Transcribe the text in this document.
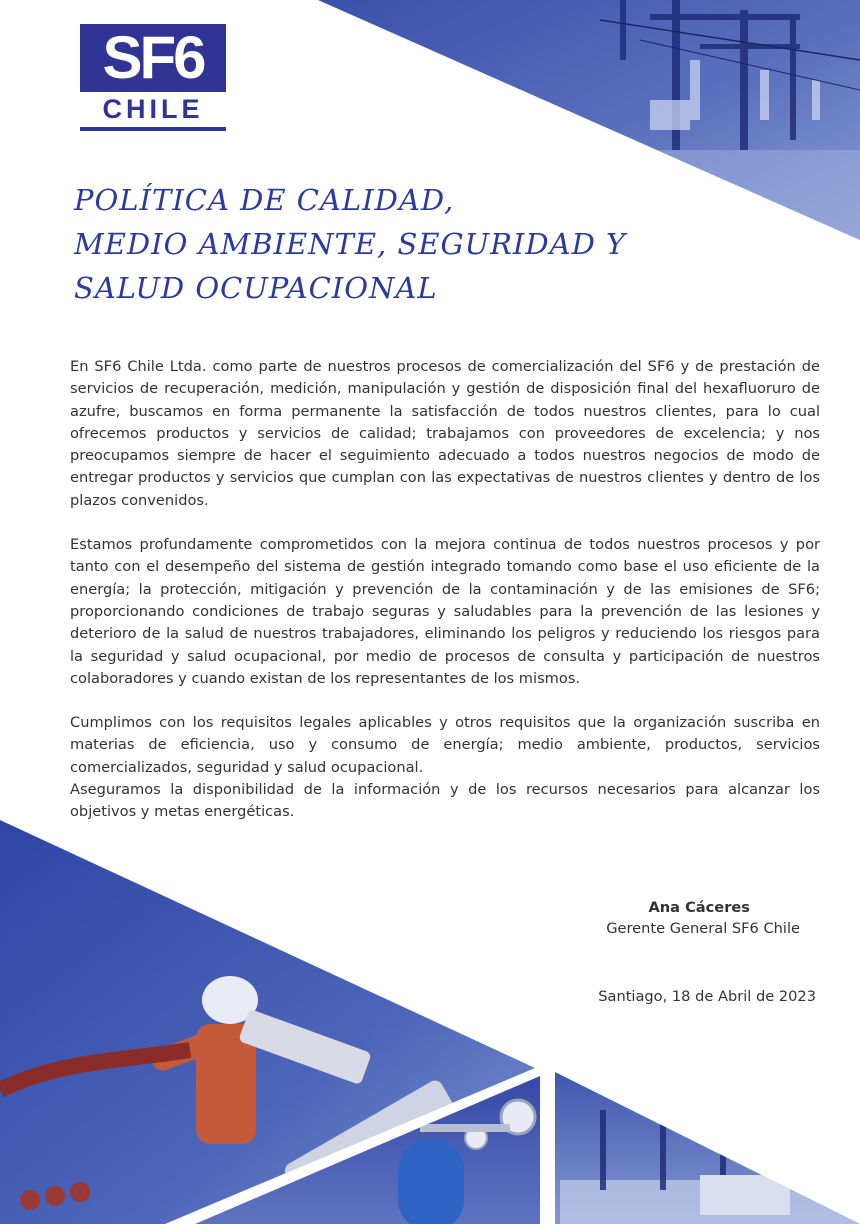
SF6
CHILE
POLÍTICA DE CALIDAD,
MEDIO AMBIENTE, SEGURIDAD Y
SALUD OCUPACIONAL

En SF6 Chile Ltda. como parte de nuestros procesos de comercialización del SF6 y de prestación de servicios de recuperación, medición, manipulación y gestión de disposición final del hexafluoruro de azufre, buscamos en forma permanente la satisfacción de todos nuestros clientes, para lo cual ofrecemos productos y servicios de calidad; trabajamos con proveedores de excelencia; y nos preocupamos siempre de hacer el seguimiento adecuado a todos nuestros negocios de modo de entregar productos y servicios que cumplan con las expectativas de nuestros clientes y dentro de los plazos convenidos.

Estamos profundamente comprometidos con la mejora continua de todos nuestros procesos y por tanto con el desempeño del sistema de gestión integrado tomando como base el uso eficiente de la energía; la protección, mitigación y prevención de la contaminación y de las emisiones de SF6; proporcionando condiciones de trabajo seguras y saludables para la prevención de las lesiones y deterioro de la salud de nuestros trabajadores, eliminando los peligros y reduciendo los riesgos para la seguridad y salud ocupacional, por medio de procesos de consulta y participación de nuestros colaboradores y cuando existan de los representantes de los mismos.

Cumplimos con los requisitos legales aplicables y otros requisitos que la organización suscriba en materias de eficiencia, uso y consumo de energía; medio ambiente, productos, servicios comercializados, seguridad y salud ocupacional.

Aseguramos la disponibilidad de la información y de los recursos necesarios para alcanzar los objetivos y metas energéticas.

Ana Cáceres
Gerente General SF6 Chile
Santiago, 18 de Abril de 2023
